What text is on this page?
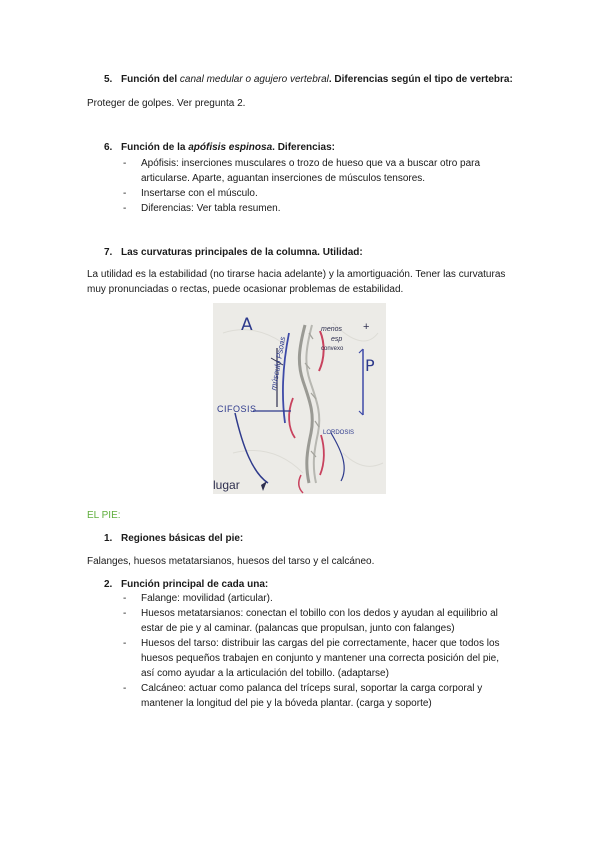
5. Función del canal medular o agujero vertebral. Diferencias según el tipo de vertebra:
Proteger de golpes. Ver pregunta 2.
6. Función de la apófisis espinosa. Diferencias:
- Apófisis: inserciones musculares o trozo de hueso que va a buscar otro para
articularse. Aparte, aguantan inserciones de músculos tensores.
- Insertarse con el músculo.
- Diferencias: Ver tabla resumen.
7. Las curvaturas principales de la columna. Utilidad:
La utilidad es la estabilidad (no tirarse hacia adelante) y la amortiguación. Tener las curvaturas
muy pronunciadas o rectas, puede ocasionar problemas de estabilidad.
A
P
+
músculo Psoas
menos
esp
convexo
CIFOSIS
LORDOSIS
lugar
EL PIE:
1. Regiones básicas del pie:
Falanges, huesos metatarsianos, huesos del tarso y el calcáneo.
2. Función principal de cada una:
- Falange: movilidad (articular).
- Huesos metatarsianos: conectan el tobillo con los dedos y ayudan al equilibrio al
estar de pie y al caminar. (palancas que propulsan, junto con falanges)
- Huesos del tarso: distribuir las cargas del pie correctamente, hacer que todos los
huesos pequeños trabajen en conjunto y mantener una correcta posición del pie,
así como ayudar a la articulación del tobillo. (adaptarse)
- Calcáneo: actuar como palanca del tríceps sural, soportar la carga corporal y
mantener la longitud del pie y la bóveda plantar. (carga y soporte)
